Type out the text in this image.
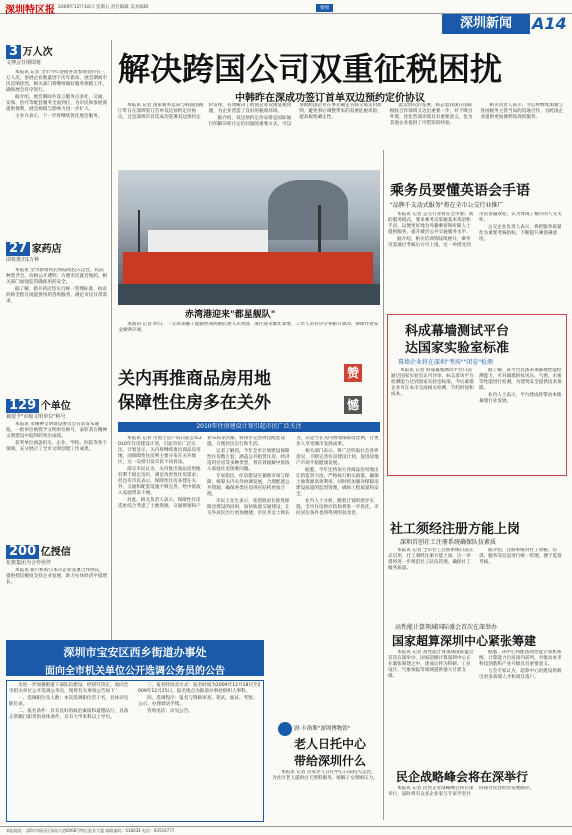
深圳特区报 2009年12月18日 星期五 责任编辑 美术编辑	要闻
深圳新闻	A14
3 万人次
文博会日期即将

本报讯 记者 全市今年迎接各类参观者约有三万人次，参展企业数量创下历年新高，展会期间市民反响热烈，相关部门将继续做好服务保障工作，确保展会有序进行。

据介绍，展会期间共设立服务点多处，交通、安保、医疗等配套服务全面到位，为市民和参展商提供便利，展会规模与影响力进一步扩大。

主办方表示，下一步将继续优化展会服务。

27 家药店
即将推出1万种

本报讯 全市新增药店将陆续投入运营，药品种类齐全，价格公开透明，方便市民就近购药，相关部门加强监管确保用药安全。

据了解，新开药店均实行统一管理标准，执业药师全程在岗提供用药咨询服务，满足市民日常需求。

129 个单位
被授予"市级文明单位"称号

本报讯 市精神文明建设委员会日前发布通报，一批单位被授予文明单位称号，表彰其在精神文明建设中取得的突出成绩。

获奖单位涵盖机关、企业、学校、医院等各个领域，充分展示了全市文明创建工作成果。

200 亿授信
花旗集团为合作伙伴

本报讯 银行机构与本市企业签署合作协议，提供授信额度支持企业发展，助力实体经济平稳增长。

解决跨国公司双重征税困扰
中韩昨在深成功签订首单双边预约定价协议

本报讯 记者 国家税务总局与韩国国税厅昨日在深圳签订首单双边预约定价协议，这是深圳市首次成功签署双边预约定价安排，有效解决了跨国企业双重征税问题，为企业营造了良好的税收环境。

据介绍，双边预约定价安排是国际通行的解决转让定价问题的重要方式，可以帮助跨国企业在事先确定关联交易定价原则，避免事后调整带来的双重征税风险，提高税收确定性。

此次协议的签署，标志着我国在国际税收合作领域又迈出重要一步，对于吸引外资、优化营商环境具有重要意义，也为其他企业提供了可借鉴的经验。

相关负责人表示，今后将继续加强与各国税务主管当局的沟通合作，为跨国企业提供更加便利高效的服务。

赤湾港迎来"都星舰队"

本报讯 记者 昨日，一支由多艘工程船组成的船队驶入赤湾港，港区迎来繁忙景象，工作人员有序引导船只靠泊，保障作业安全顺利开展。

关内再推商品房用地
保障性住房多在关外
赞
憾
2010年住房建设计划引起市民广泛关注

本报讯 记者 市国土房产局日前公布2010年住房建设计划，引起市民广泛关注。计划显示，关内将继续推出商品房用地，而保障性住房则主要分布在关外地区，这一安排引发市民不同看法。

部分市民认为，关内推出商品房用地有利于稳定房价，满足改善性住房需求；但也有市民表示，保障性住房多建在关外，交通和配套设施不够完善，给中低收入家庭带来不便。

对此，相关负责人表示，保障性住房选址综合考虑了土地资源、交通规划和产业布局等因素，将同步完善周边配套设施，方便居民出行和生活。

记者了解到，今年全市计划建设保障性住房数万套，涵盖公共租赁住房、经济适用住房等多种类型，将有效缓解中低收入家庭住房困难问题。

专家指出，住房建设应兼顾市场与保障，统筹关内关外协调发展，合理配置公共资源，确保各类住房供应结构更加合理。

市民王先生表示，希望政府在推进保障房建设的同时，加快轨道交通建设，让关外居民出行更加便捷。市民李女士则认为，应适当在关内增加保障房比例，让更多人享受城市发展成果。

相关部门表示，将广泛听取社会各界意见，不断完善住房建设计划，促进房地产市场平稳健康发展。

据悉，今年还将加大对商品房用地出让的监管力度，严格执行相关政策，确保土地资源高效利用。同时将加强对保障房建设质量的监督管理，确保工程质量和安全。

业内人士分析，随着计划的逐步实施，全市住房供应结构将进一步优化，市民居住条件也将得到明显改善。

乘务员要懂英语会手语
"品牌千支动式服务"将在全市公交行业推广

本报讯 记者 公交行业将在全市推广新的服务模式，要求乘务员掌握基本英语和手语，以便更好地为外籍乘客和听障人士提供服务，提升城市公共交通服务水平。

据介绍，相关培训将陆续展开，乘务员需通过考核后方可上岗。这一举措受到市民普遍欢迎，认为体现了城市的人文关怀。

公交企业负责人表示，将把服务质量作为重要考核指标，不断提升乘客满意度。

科成幕墙测试平台
达国家实验室标准
幕墙企业将在深圳"考场""闭卷"检测

本报讯 记者 科成幕墙测试平台日前通过国家实验室认可评审，标志着该平台检测能力达到国家实验室标准，今后幕墙企业可在本市完成相关检测，节约时间和成本。

据了解，该平台具备多项幕墙性能检测能力，可对幕墙的抗风压、气密、水密等性能进行检测，为建筑安全提供技术保障。

业内人士表示，平台建成将带动本地幕墙行业发展。

社工须经注册方能上岗
深圳首创社工注册系统确保队伍素质

本报讯 记者 全市社工注册系统日前正式启用，社工须经注册方能上岗，这一举措将进一步规范社工队伍管理，确保社工服务质量。

据介绍，注册系统对社工资格、培训、服务等信息进行统一管理，便于监督考核。

高性能计算领域国际盛会首次在深举办
国家超算深圳中心紧张筹建

本报讯 记者 高性能计算领域国际盛会首次在深举办，国家超级计算深圳中心正在紧张筹建之中，建成后将为科研、工业设计、气象预报等领域提供强大计算支撑。

据悉，该中心将配备高性能计算机系统，计算能力位居国内前列，对推动本市科技创新和产业升级具有重要意义。

与会专家认为，超算中心的建设将吸引更多高端人才和项目落户。

民企战略峰会将在深举行

本报讯 记者 民营企业战略峰会将在深举行，届时将有众多企业家与专家学者共同探讨民营经济发展路径。

唐·卡洛斯"深圳博物馆"
老人日托中心
带给深圳什么

本报讯 记者 首家老人日托中心日前投入运营，为社区老人提供白天照料服务，缓解子女照顾压力。

深圳市宝安区西乡街道办事处
面向全市机关单位公开选调公务员的公告

为进一步加强街道干部队伍建设，经研究决定，面向全市机关单位公开选调公务员，现将有关事项公告如下：

一、选调职位及人数：本次选调职位若干名，具体详见职位表。

二、报名条件：具有良好的政治素质和道德品行，具备正常履行职责的身体条件，具有大学本科以上学历。

三、报名时间及方式：报名时间为2009年12月18日至2009年12月25日，报名地点为街道办事处组织人事科。

四、选调程序：报名与资格审查、笔试、面试、考察、公示、办理调动手续。

咨询电话：详见公告。

本报地址：深圳市福田区深南大道6008号特区报业大厦 邮政编码：518034 电话：83516777
